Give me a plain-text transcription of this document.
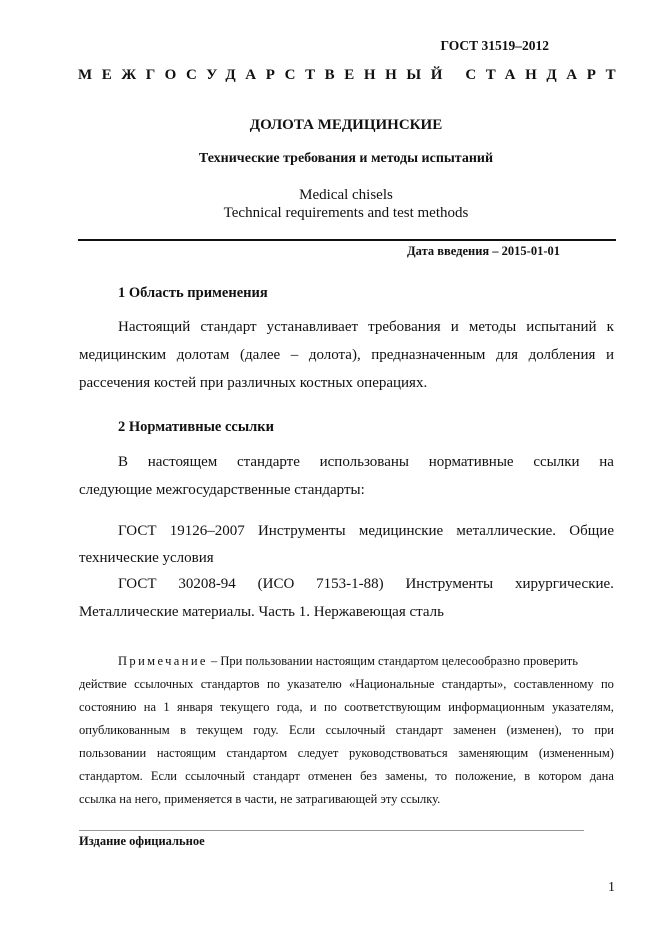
ГОСТ 31519–2012
МЕЖГОСУДАРСТВЕННЫЙ СТАНДАРТ
ДОЛОТА МЕДИЦИНСКИЕ
Технические требования и методы испытаний
Medical chisels
Technical requirements and test methods
Дата введения – 2015-01-01
1 Область применения
Настоящий стандарт устанавливает требования и методы испытаний к
медицинским долотам (далее – долота), предназначенным для долбления и
рассечения костей при различных костных операциях.
2 Нормативные ссылки
В настоящем стандарте использованы нормативные ссылки на
следующие межгосударственные стандарты:
ГОСТ 19126–2007 Инструменты медицинские металлические. Общие
технические условия
ГОСТ 30208-94 (ИСО 7153-1-88) Инструменты хирургические.
Металлические материалы. Часть 1. Нержавеющая сталь
Примечание
– При пользовании настоящим стандартом целесообразно проверить
действие ссылочных стандартов по указателю «Национальные стандарты», составленному по
состоянию на 1 января текущего года, и по соответствующим информационным указателям,
опубликованным в текущем году. Если ссылочный стандарт заменен (изменен), то при
пользовании настоящим стандартом следует руководствоваться заменяющим (измененным)
стандартом. Если ссылочный стандарт отменен без замены, то положение, в котором дана
ссылка на него, применяется в части, не затрагивающей эту ссылку.
Издание официальное
1
